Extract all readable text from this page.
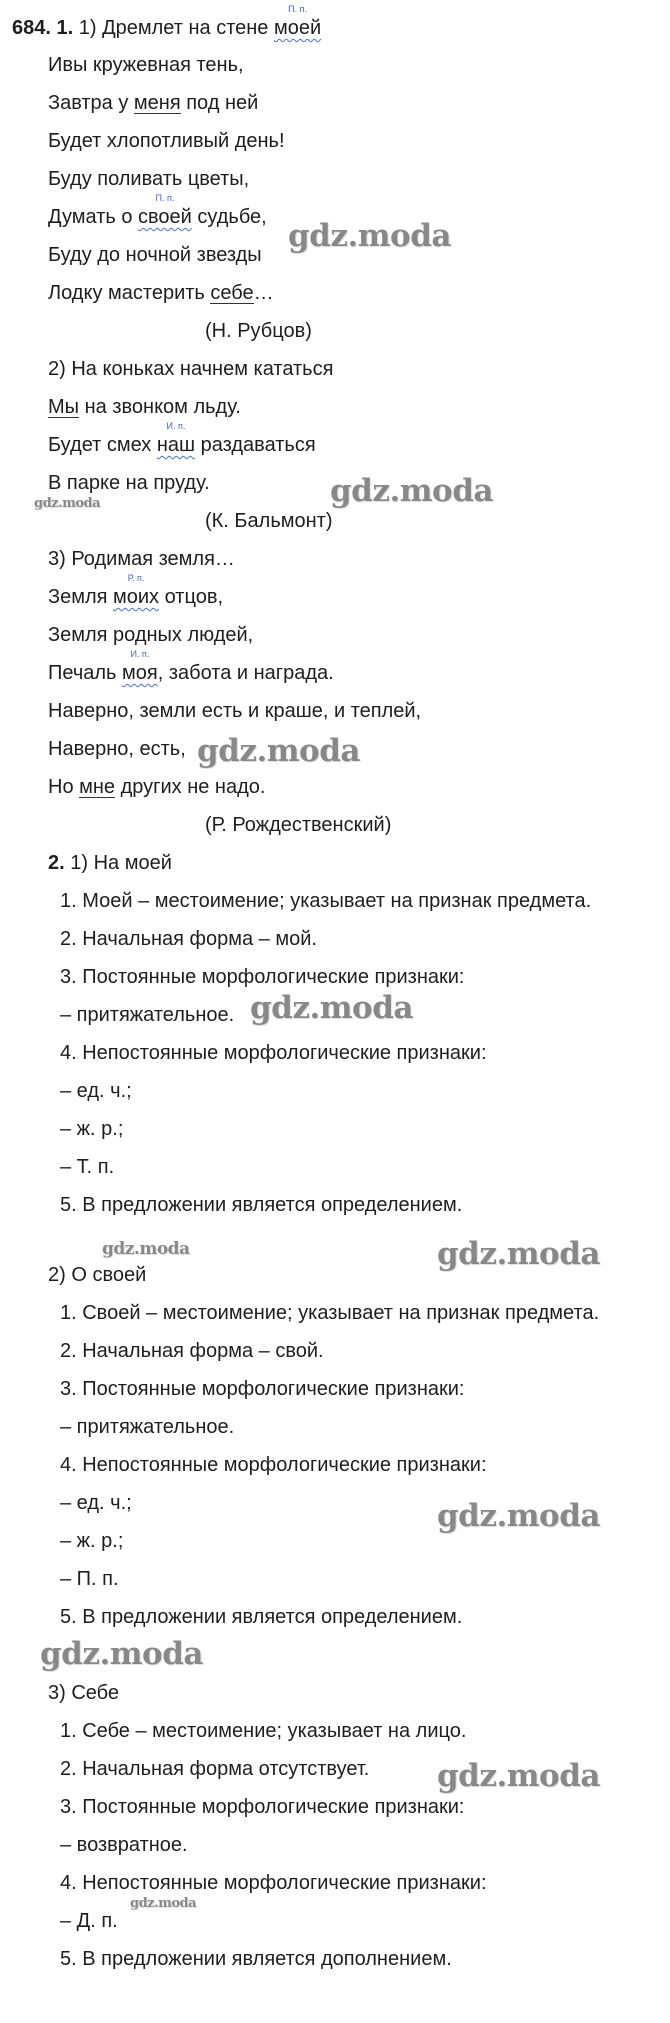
684. 1. 1) Дремлет на стене моей
П. п.
Ивы кружевная тень,
Завтра у меня под ней
Будет хлопотливый день!
Буду поливать цветы,
Думать о своей
П. п.
судьбе,
Буду до ночной звезды
Лодку мастерить себе…
(Н. Рубцов)
2) На коньках начнем кататься
Мы на звонком льду.
Будет смех наш
И. п.
раздаваться
В парке на пруду.
(К. Бальмонт)
3) Родимая земля…
Земля моих
Р. п.
отцов,
Земля родных людей,
Печаль моя
И. п.
, забота и награда.
Наверно, земли есть и краше, и теплей,
Наверно, есть,
Но мне других не надо.
(Р. Рождественский)
2. 1) На моей
1. Моей – местоимение; указывает на признак предмета.
2. Начальная форма – мой.
3. Постоянные морфологические признаки:
– притяжательное.
4. Непостоянные морфологические признаки:
– ед. ч.;
– ж. р.;
– Т. п.
5. В предложении является определением.
2) О своей
1. Своей – местоимение; указывает на признак предмета.
2. Начальная форма – свой.
3. Постоянные морфологические признаки:
– притяжательное.
4. Непостоянные морфологические признаки:
– ед. ч.;
– ж. р.;
– П. п.
5. В предложении является определением.
3) Себе
1. Себе – местоимение; указывает на лицо.
2. Начальная форма отсутствует.
3. Постоянные морфологические признаки:
– возвратное.
4. Непостоянные морфологические признаки:
– Д. п.
5. В предложении является дополнением.
gdz.moda
gdz.moda	gdz.moda
gdz.moda
gdz.moda
gdz.moda	gdz.moda
gdz.moda
gdz.moda
gdz.moda
gdz.moda
